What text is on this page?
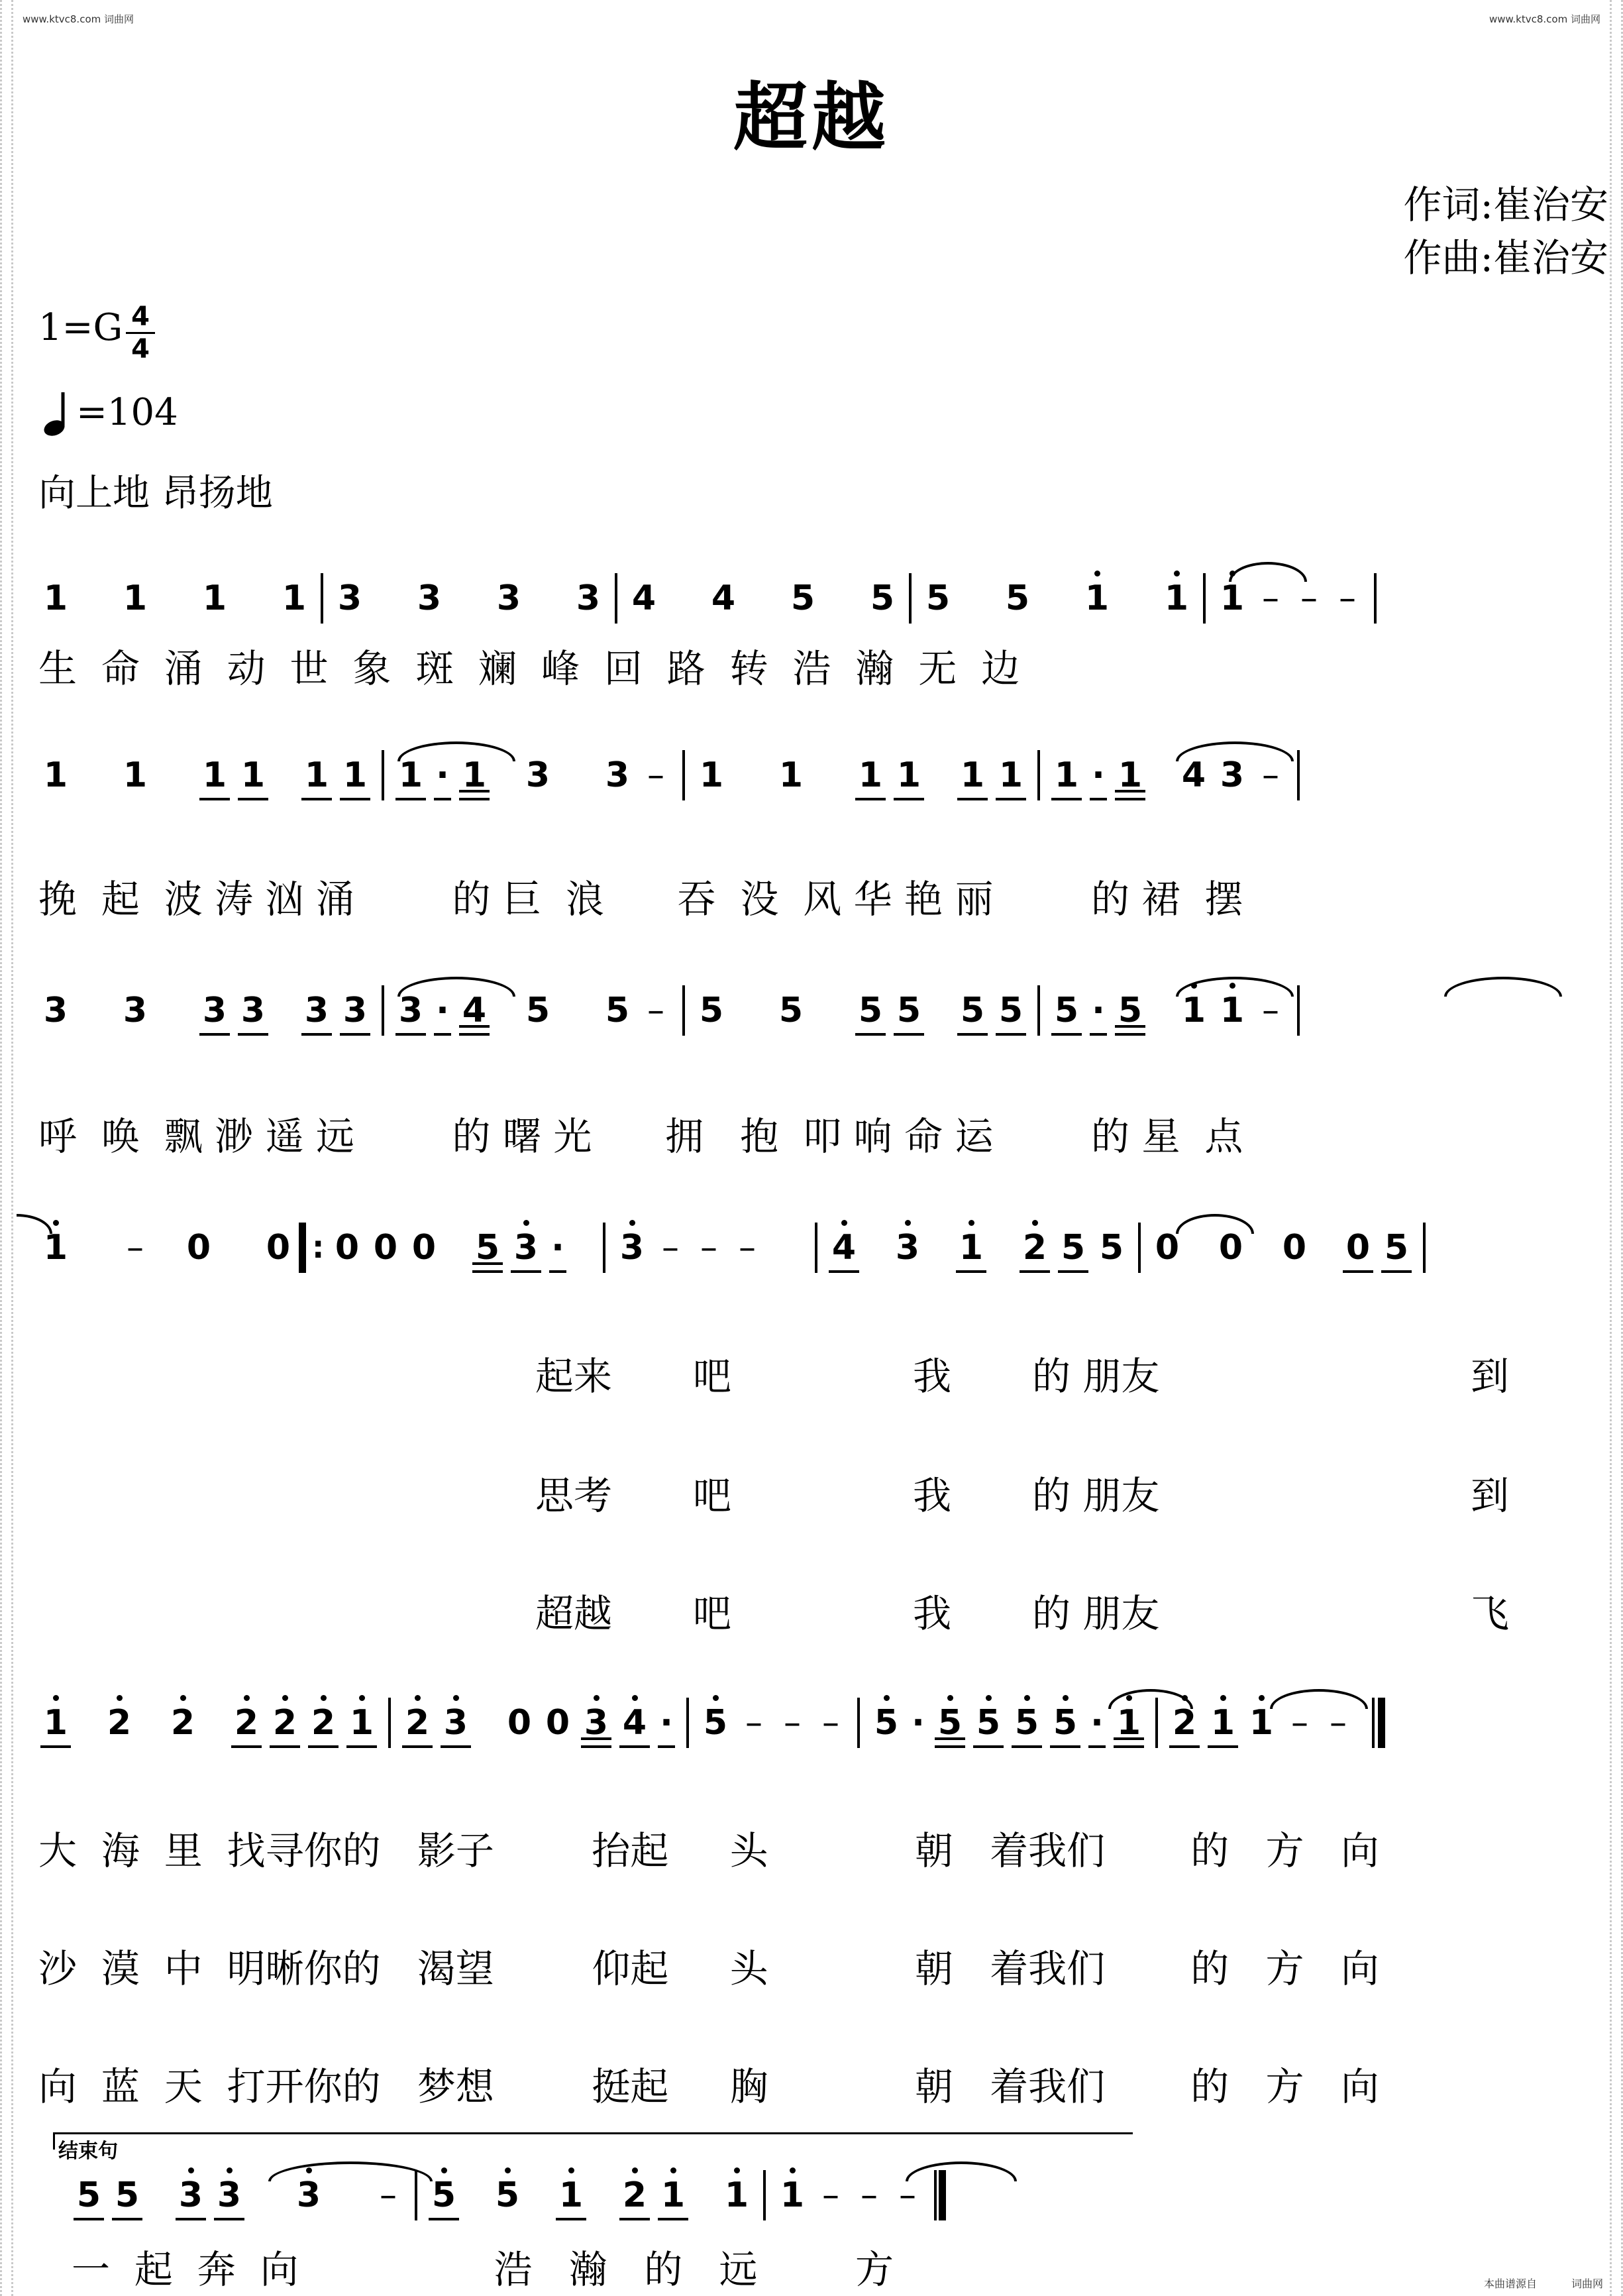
www.ktvc8.com 词曲网	www.ktvc8.com 词曲网
超越
作词:崔治安
作曲:崔治安
1=G 4
4
=104
向上地 昂扬地
1 1 1 1 3 3 3 3 4 4 5 5 5 5 1 1 1 – – –
生  命  涌  动  世  象  斑  斓  峰  回  路  转  浩  瀚  无  边
1 1 1 1 1 1 1 · 1 3 3 –	1 1 1 1 1 1 1 · 1 4 3 –
挽  起  波 涛 汹 涌        的 巨  浪      吞  没  风 华 艳 丽        的 裙  摆
3 3 3 3 3 3 3 · 4 5 5 –	5 5 5 5 5 5 5 · 5 1 1 –
呼  唤  飘 渺 遥 远        的 曙 光      拥   抱  叩 响 命 运        的 星  点
1	–	0 0
: 0 0 0 5 3 · 3 – – –	4 3 1 2 5 5 0 0 0 0 5
起来 吧	我 的 朋友	到
思考 吧	我 的 朋友	到
超越 吧	我 的 朋友	飞
1 2 2 2 2 2 1 2 3 0 0 3 4 · 5 – – –	5 · 5 5 5 5 · 1 2 1 1 – –
大  海  里  找寻你的   影子        抬起     头            朝   着我们       的   方   向
沙  漠  中  明晰你的   渴望        仰起     头            朝   着我们       的   方   向
向  蓝  天  打开你的   梦想        挺起     胸            朝   着我们       的   方   向
结束句
5 5 3 3 3	–	5 5 1 2 1 1 1 – – –
一  起  奔  向                浩   瀚   的   远        方	本曲谱源自	词曲网
